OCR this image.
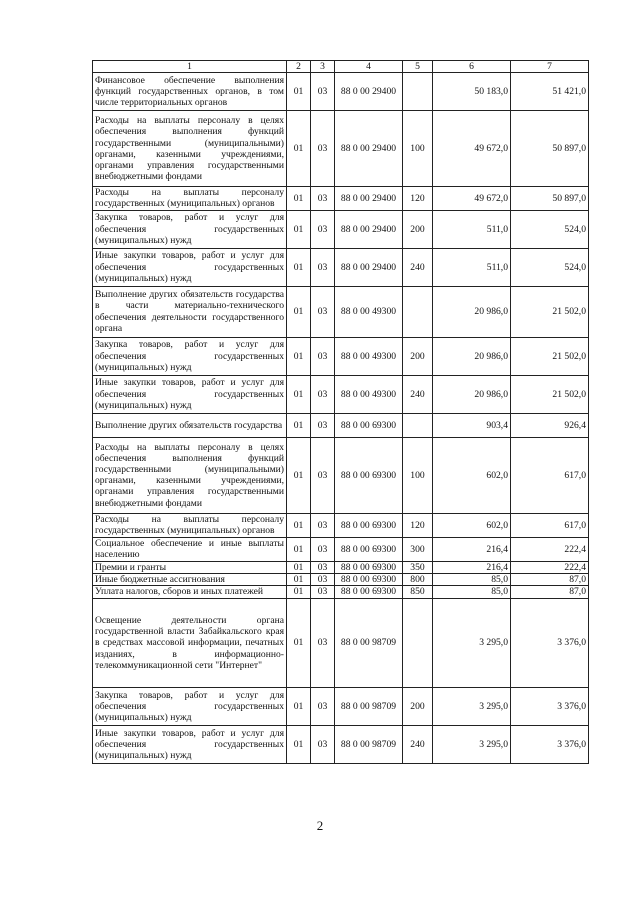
1	2	3	4	5	6	7
Финансовое обеспечение выполнения функций государственных органов, в том числе территориальных органов	01	03	88 0 00 29400		50 183,0	51 421,0
Расходы на выплаты персоналу в целях обеспечения выполнения функций государственными (муниципальными) органами, казенными учреждениями, органами управления государственными внебюджетными фондами	01	03	88 0 00 29400	100	49 672,0	50 897,0
Расходы на выплаты персоналу государственных (муниципальных) органов	01	03	88 0 00 29400	120	49 672,0	50 897,0
Закупка товаров, работ и услуг для обеспечения государственных (муниципальных) нужд	01	03	88 0 00 29400	200	511,0	524,0
Иные закупки товаров, работ и услуг для обеспечения государственных (муниципальных) нужд	01	03	88 0 00 29400	240	511,0	524,0
Выполнение других обязательств государства в части материально-технического обеспечения деятельности государственного органа	01	03	88 0 00 49300		20 986,0	21 502,0
Закупка товаров, работ и услуг для обеспечения государственных (муниципальных) нужд	01	03	88 0 00 49300	200	20 986,0	21 502,0
Иные закупки товаров, работ и услуг для обеспечения государственных (муниципальных) нужд	01	03	88 0 00 49300	240	20 986,0	21 502,0
Выполнение других обязательств государства	01	03	88 0 00 69300		903,4	926,4
Расходы на выплаты персоналу в целях обеспечения выполнения функций государственными (муниципальными) органами, казенными учреждениями, органами управления государственными внебюджетными фондами	01	03	88 0 00 69300	100	602,0	617,0
Расходы на выплаты персоналу государственных (муниципальных) органов	01	03	88 0 00 69300	120	602,0	617,0
Социальное обеспечение и иные выплаты населению	01	03	88 0 00 69300	300	216,4	222,4
Премии и гранты	01	03	88 0 00 69300	350	216,4	222,4
Иные бюджетные ассигнования	01	03	88 0 00 69300	800	85,0	87,0
Уплата налогов, сборов и иных платежей	01	03	88 0 00 69300	850	85,0	87,0
Освещение деятельности органа государственной власти Забайкальского края в средствах массовой информации, печатных изданиях, в информационно-телекоммуникационной сети "Интернет"	01	03	88 0 00 98709		3 295,0	3 376,0
Закупка товаров, работ и услуг для обеспечения государственных (муниципальных) нужд	01	03	88 0 00 98709	200	3 295,0	3 376,0
Иные закупки товаров, работ и услуг для обеспечения государственных (муниципальных) нужд	01	03	88 0 00 98709	240	3 295,0	3 376,0
2
